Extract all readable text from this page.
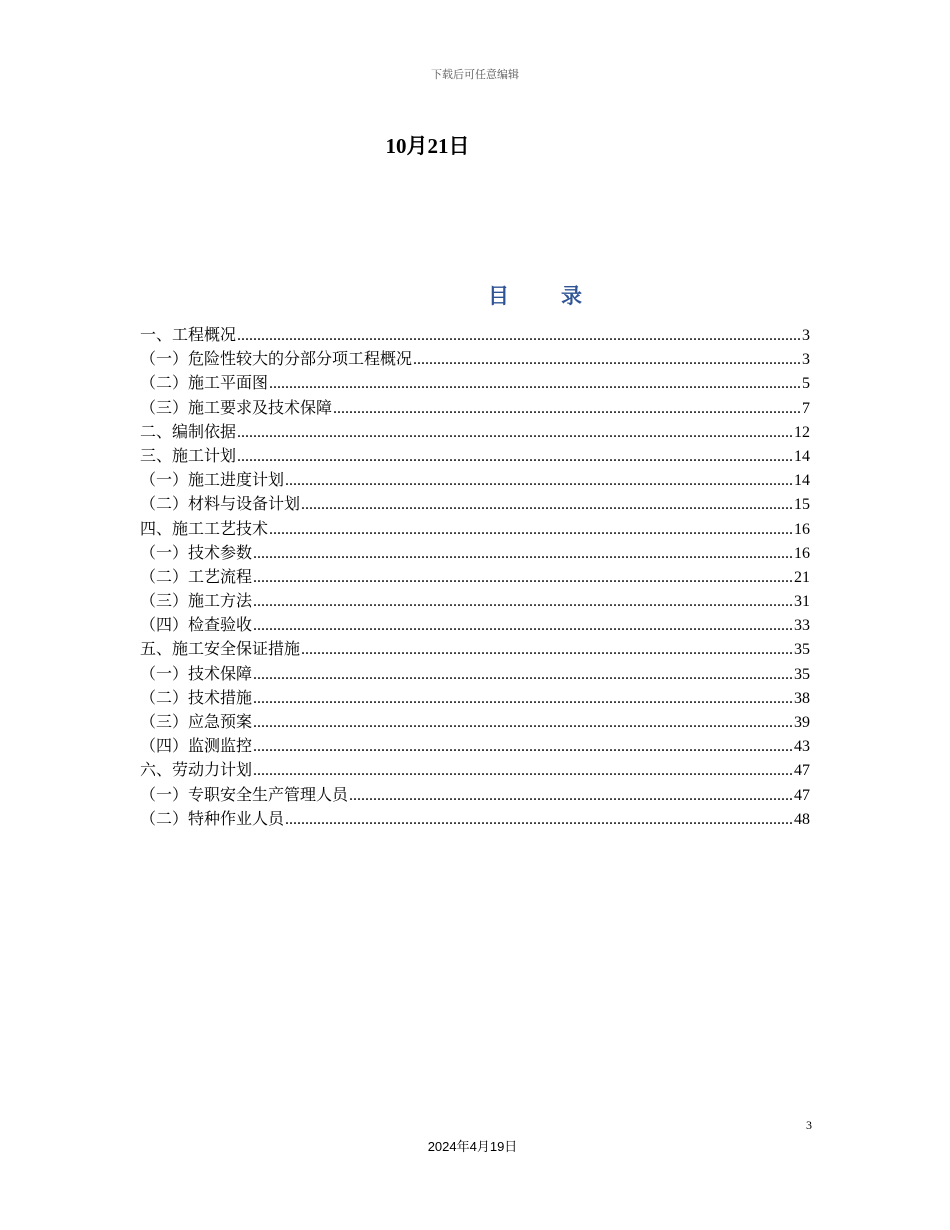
下载后可任意编辑
10月21日
目 录
一、工程概况 .....	3
（一）危险性较大的分部分项工程概况 .....	3
（二）施工平面图 .....	5
（三）施工要求及技术保障 .....	7
二、编制依据 .....	12
三、施工计划 .....	14
（一）施工进度计划 .....	14
（二）材料与设备计划 .....	15
四、施工工艺技术 .....	16
（一）技术参数 .....	16
（二）工艺流程 .....	21
（三）施工方法 .....	31
（四）检查验收 .....	33
五、施工安全保证措施 .....	35
（一）技术保障 .....	35
（二）技术措施 .....	38
（三）应急预案 .....	39
（四）监测监控 .....	43
六、劳动力计划 .....	47
（一）专职安全生产管理人员 .....	47
（二）特种作业人员 .....	48
3
2024年4月19日
